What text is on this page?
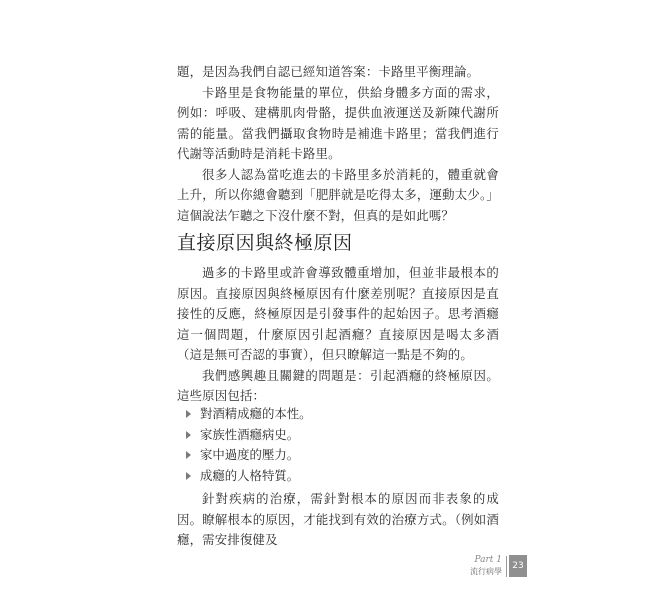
題，是因為我們自認已經知道答案：卡路里平衡理論。

卡路里是食物能量的單位，供給身體多方面的需求，例如：呼吸、建構肌肉骨骼，提供血液運送及新陳代謝所需的能量。當我們攝取食物時是補進卡路里；當我們進行代謝等活動時是消耗卡路里。

很多人認為當吃進去的卡路里多於消耗的，體重就會上升，所以你總會聽到「肥胖就是吃得太多，運動太少。」這個說法乍聽之下沒什麼不對，但真的是如此嗎？

直接原因與終極原因

過多的卡路里或許會導致體重增加，但並非最根本的原因。直接原因與終極原因有什麼差別呢？直接原因是直接性的反應，終極原因是引發事件的起始因子。思考酒癮這一個問題，什麼原因引起酒癮？直接原因是喝太多酒（這是無可否認的事實），但只瞭解這一點是不夠的。

我們感興趣且關鍵的問題是：引起酒癮的終極原因。這些原因包括：

對酒精成癮的本性。
家族性酒癮病史。
家中過度的壓力。
成癮的人格特質。

針對疾病的治療，需針對根本的原因而非表象的成因。瞭解根本的原因，才能找到有效的治療方式。（例如酒癮，需安排復健及

Part 1
流行病學
23
